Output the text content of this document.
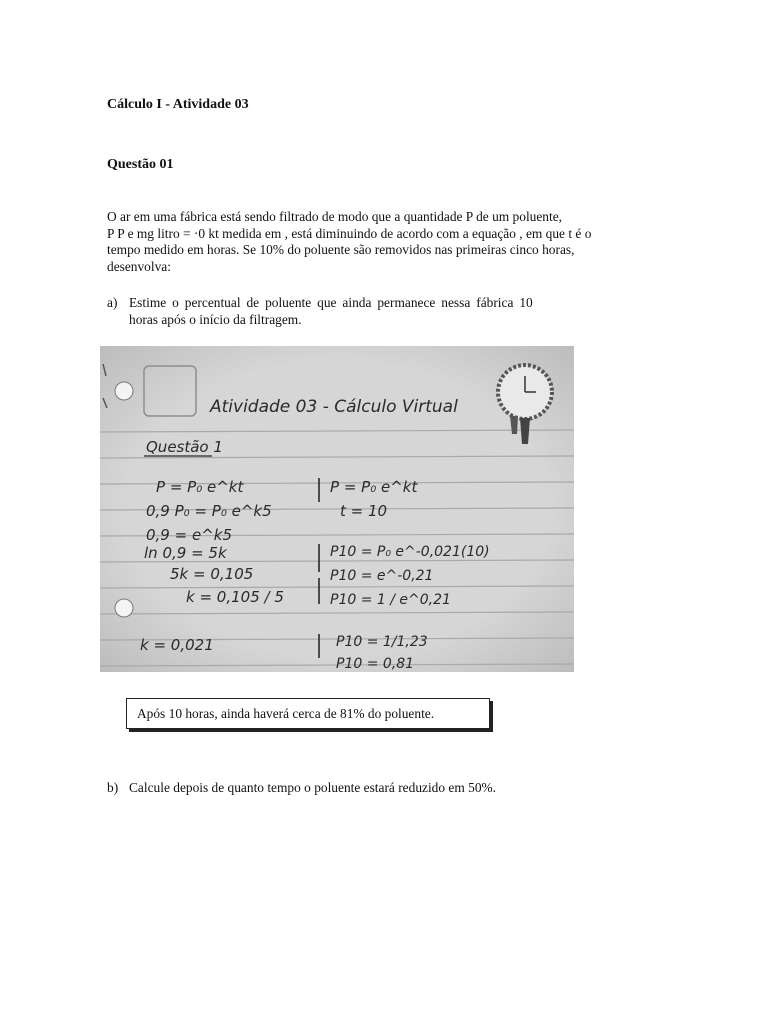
Cálculo I - Atividade 03
Questão 01
O ar em uma fábrica está sendo filtrado de modo que a quantidade P de um poluente,
P P e mg litro = ·0 kt medida em , está diminuindo de acordo com a equação , em que t é o
tempo medido em horas. Se 10% do poluente são removidos nas primeiras cinco horas,
desenvolva:
a) Estime o percentual de poluente que ainda permanece nessa fábrica 10
horas após o início da filtragem.
Atividade 03 - Cálculo Virtual
Questão 1
P = P₀ e^kt
0,9 P₀ = P₀ e^k5
0,9 = e^k5
ln 0,9 = 5k
5k = 0,105
k = 0,105 / 5
k = 0,021
P = P₀ e^kt
t = 10
P10 = P₀ e^-0,021(10)
P10 = e^-0,21
P10 = 1 / e^0,21
P10 = 1/1,23
P10 = 0,81
Após 10 horas, ainda haverá cerca de 81% do poluente.
b) Calcule depois de quanto tempo o poluente estará reduzido em 50%.
